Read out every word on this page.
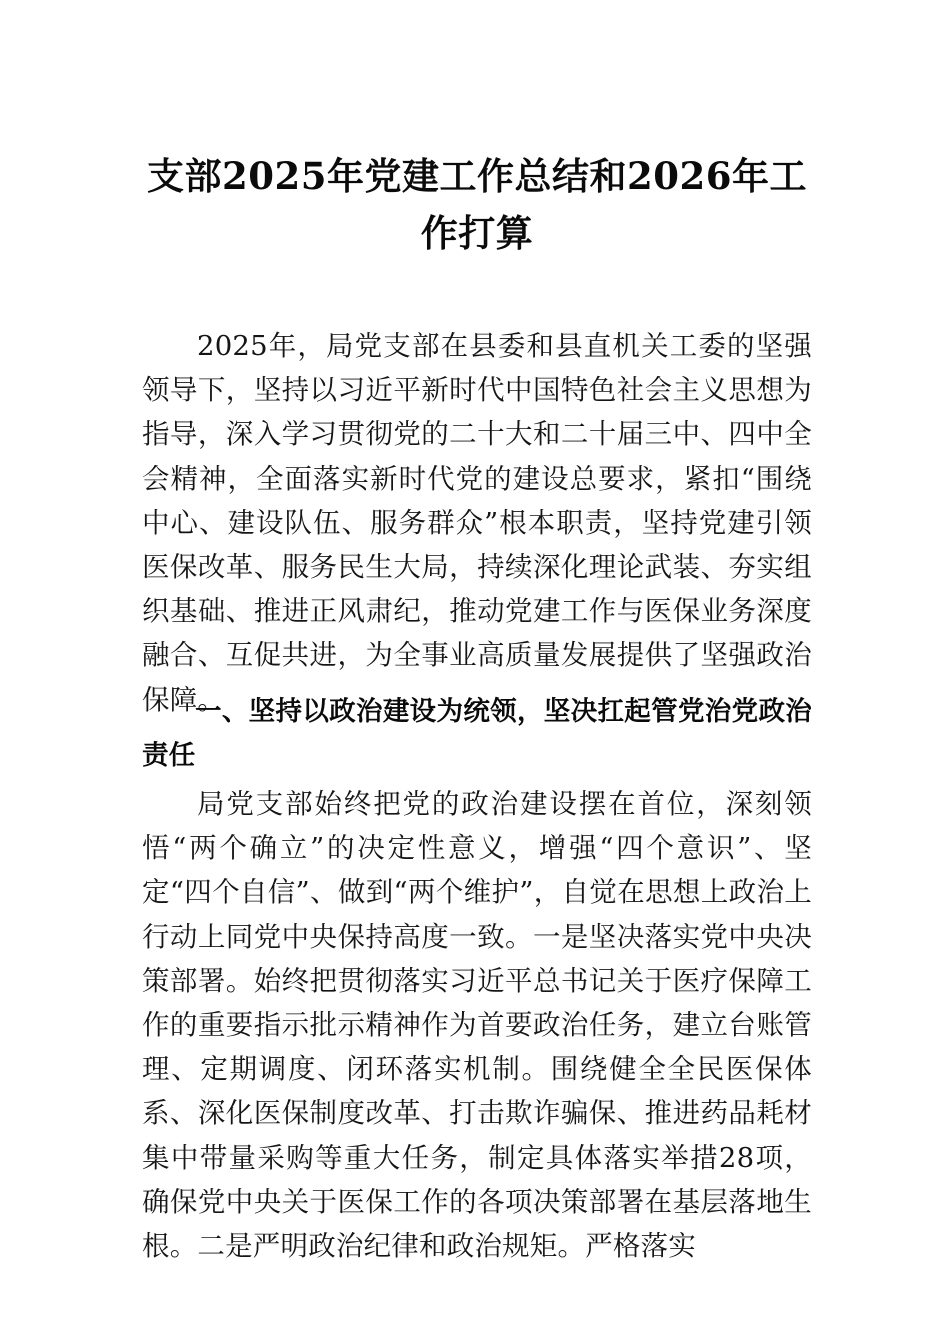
支部2025年党建工作总结和2026年工作打算

2025年，局党支部在县委和县直机关工委的坚强领导下，坚持以习近平新时代中国特色社会主义思想为指导，深入学习贯彻党的二十大和二十届三中、四中全会精神，全面落实新时代党的建设总要求，紧扣“围绕中心、建设队伍、服务群众”根本职责，坚持党建引领医保改革、服务民生大局，持续深化理论武装、夯实组织基础、推进正风肃纪，推动党建工作与医保业务深度融合、互促共进，为全事业高质量发展提供了坚强政治保障。

一、坚持以政治建设为统领，坚决扛起管党治党政治责任

局党支部始终把党的政治建设摆在首位，深刻领悟“两个确立”的决定性意义，增强“四个意识”、坚定“四个自信”、做到“两个维护”，自觉在思想上政治上行动上同党中央保持高度一致。一是坚决落实党中央决策部署。始终把贯彻落实习近平总书记关于医疗保障工作的重要指示批示精神作为首要政治任务，建立台账管理、定期调度、闭环落实机制。围绕健全全民医保体系、深化医保制度改革、打击欺诈骗保、推进药品耗材集中带量采购等重大任务，制定具体落实举措28项，确保党中央关于医保工作的各项决策部署在基层落地生根。二是严明政治纪律和政治规矩。严格落实
